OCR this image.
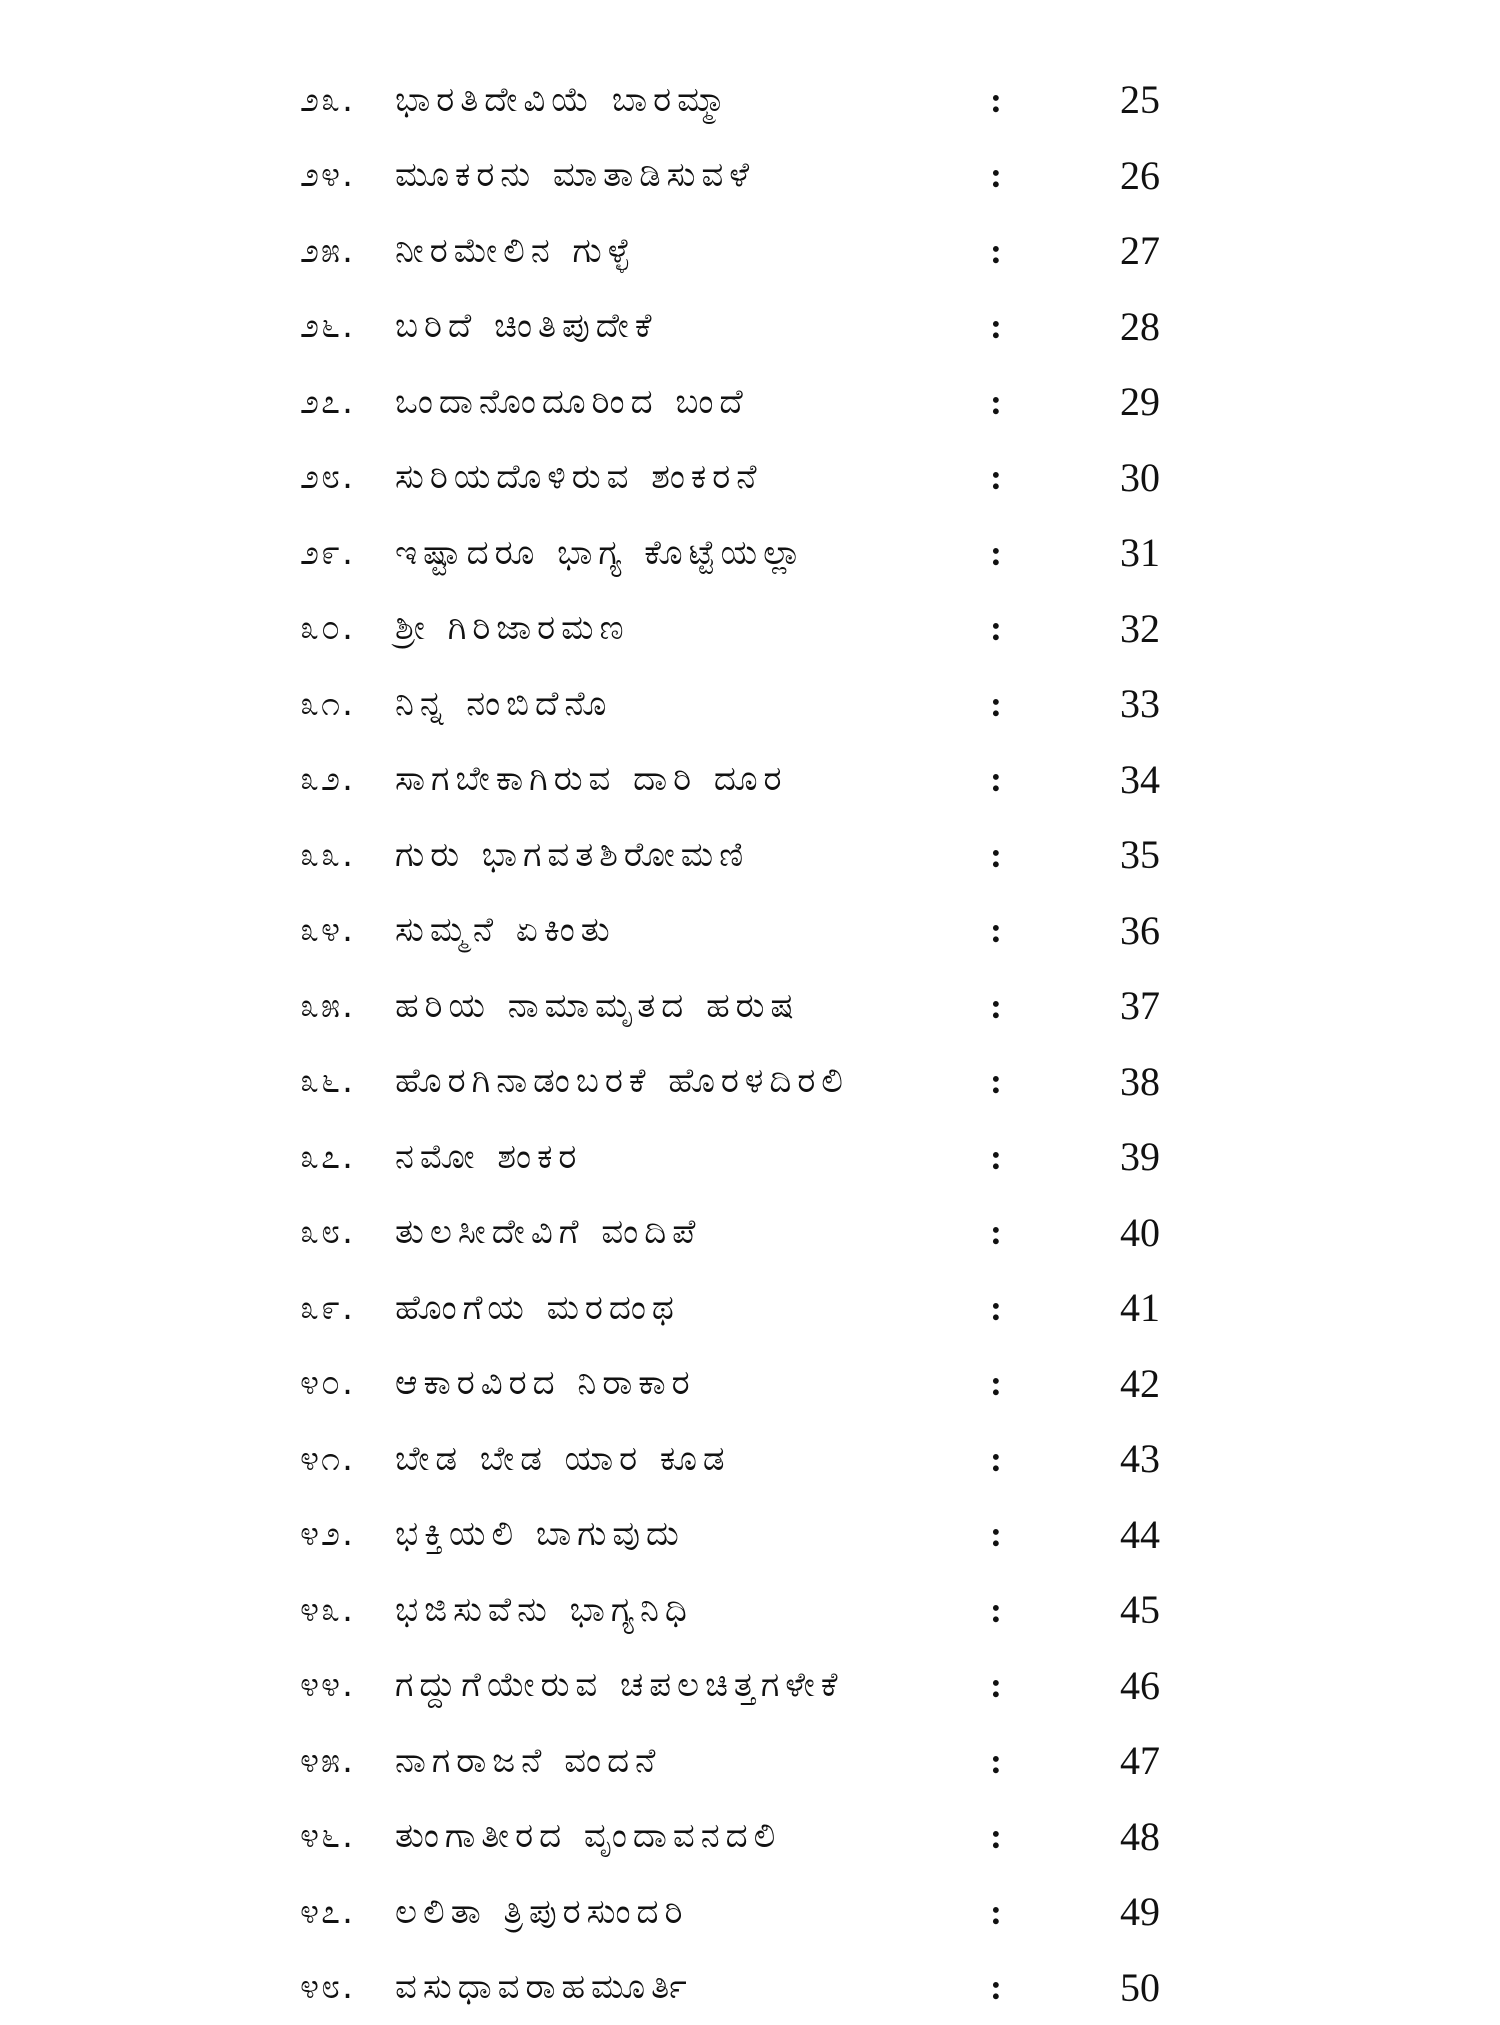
೨೩.	ಭಾರತಿದೇವಿಯೆ ಬಾರಮ್ಮಾ	:	25
೨೪.	ಮೂಕರನು ಮಾತಾಡಿಸುವಳೆ	:	26
೨೫.	ನೀರಮೇಲಿನ ಗುಳ್ಳೆ	:	27
೨೬.	ಬರಿದೆ ಚಿಂತಿಪುದೇಕೆ	:	28
೨೭.	ಒಂದಾನೊಂದೂರಿಂದ ಬಂದೆ	:	29
೨೮.	ಸುರಿಯದೊಳಿರುವ ಶಂಕರನೆ	:	30
೨೯.	ಇಷ್ಟಾದರೂ ಭಾಗ್ಯ ಕೊಟ್ಟೆಯಲ್ಲಾ	:	31
೩೦.	ಶ್ರೀ ಗಿರಿಜಾರಮಣ	:	32
೩೧.	ನಿನ್ನ ನಂಬಿದೆನೊ	:	33
೩೨.	ಸಾಗಬೇಕಾಗಿರುವ ದಾರಿ ದೂರ	:	34
೩೩.	ಗುರು ಭಾಗವತಶಿರೋಮಣಿ	:	35
೩೪.	ಸುಮ್ಮನೆ ಏಕಿಂತು	:	36
೩೫.	ಹರಿಯ ನಾಮಾಮೃತದ ಹರುಷ	:	37
೩೬.	ಹೊರಗಿನಾಡಂಬರಕೆ ಹೊರಳದಿರಲಿ	:	38
೩೭.	ನಮೋ ಶಂಕರ	:	39
೩೮.	ತುಲಸೀದೇವಿಗೆ ವಂದಿಪೆ	:	40
೩೯.	ಹೊಂಗೆಯ ಮರದಂಥ	:	41
೪೦.	ಆಕಾರವಿರದ ನಿರಾಕಾರ	:	42
೪೧.	ಬೇಡ ಬೇಡ ಯಾರ ಕೂಡ	:	43
೪೨.	ಭಕ್ತಿಯಲಿ ಬಾಗುವುದು	:	44
೪೩.	ಭಜಿಸುವೆನು ಭಾಗ್ಯನಿಧಿ	:	45
೪೪.	ಗದ್ದುಗೆಯೇರುವ ಚಪಲಚಿತ್ತಗಳೇಕೆ	:	46
೪೫.	ನಾಗರಾಜನೆ ವಂದನೆ	:	47
೪೬.	ತುಂಗಾತೀರದ ವೃಂದಾವನದಲಿ	:	48
೪೭.	ಲಲಿತಾ ತ್ರಿಪುರಸುಂದರಿ	:	49
೪೮.	ವಸುಧಾವರಾಹಮೂರ್ತಿ	:	50
